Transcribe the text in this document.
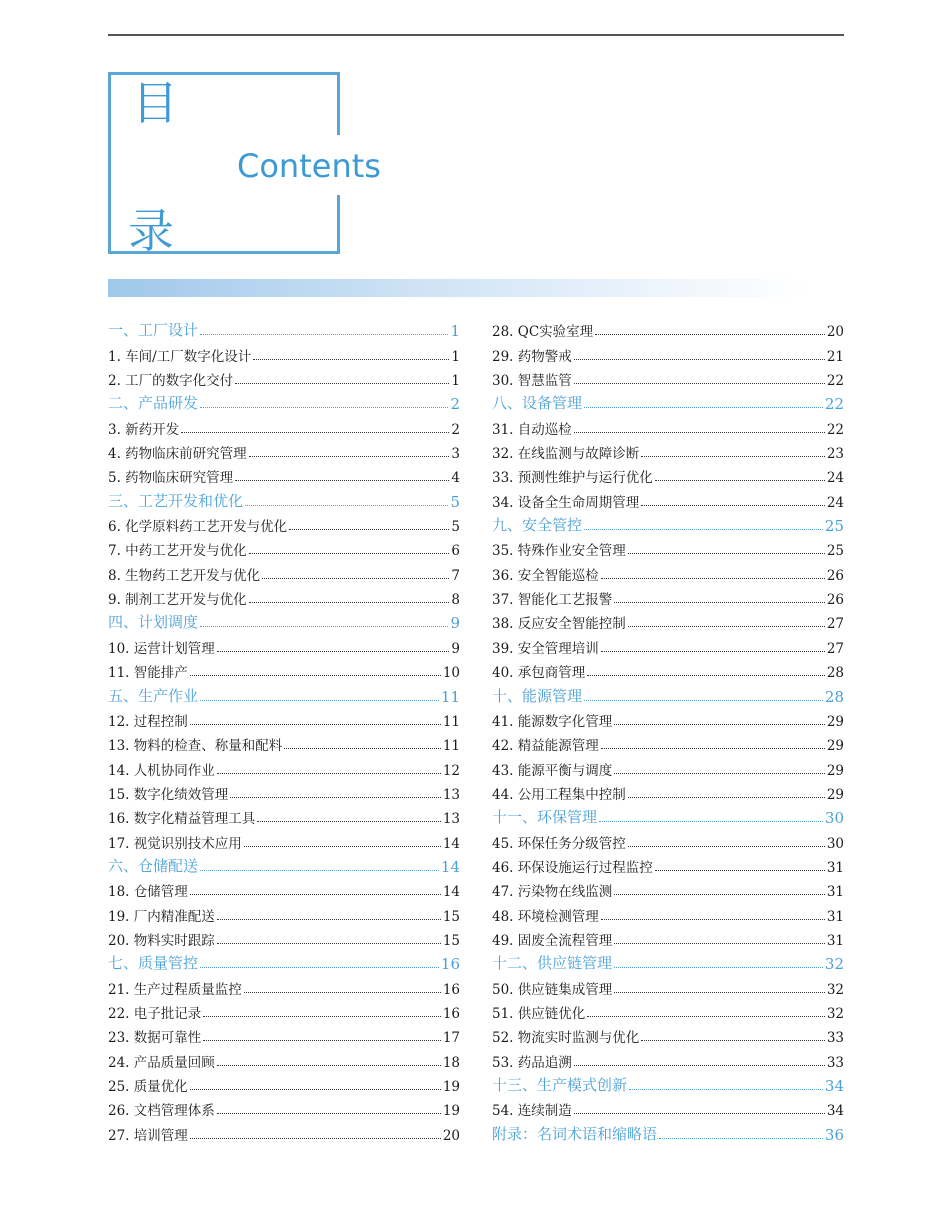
目
Contents
录
一、工厂设计	1
1. 车间/工厂数字化设计	1
2. 工厂的数字化交付	1
二、产品研发	2
3. 新药开发	2
4. 药物临床前研究管理	3
5. 药物临床研究管理	4
三、工艺开发和优化	5
6. 化学原料药工艺开发与优化	5
7. 中药工艺开发与优化	6
8. 生物药工艺开发与优化	7
9. 制剂工艺开发与优化	8
四、计划调度	9
10. 运营计划管理	9
11. 智能排产	10
五、生产作业	11
12. 过程控制	11
13. 物料的检查、称量和配料	11
14. 人机协同作业	12
15. 数字化绩效管理	13
16. 数字化精益管理工具	13
17. 视觉识别技术应用	14
六、仓储配送	14
18. 仓储管理	14
19. 厂内精准配送	15
20. 物料实时跟踪	15
七、质量管控	16
21. 生产过程质量监控	16
22. 电子批记录	16
23. 数据可靠性	17
24. 产品质量回顾	18
25. 质量优化	19
26. 文档管理体系	19
27. 培训管理	20
28. QC实验室理	20
29. 药物警戒	21
30. 智慧监管	22
八、设备管理	22
31. 自动巡检	22
32. 在线监测与故障诊断	23
33. 预测性维护与运行优化	24
34. 设备全生命周期管理	24
九、安全管控	25
35. 特殊作业安全管理	25
36. 安全智能巡检	26
37. 智能化工艺报警	26
38. 反应安全智能控制	27
39. 安全管理培训	27
40. 承包商管理	28
十、能源管理	28
41. 能源数字化管理	29
42. 精益能源管理	29
43. 能源平衡与调度	29
44. 公用工程集中控制	29
十一、环保管理	30
45. 环保任务分级管控	30
46. 环保设施运行过程监控	31
47. 污染物在线监测	31
48. 环境检测管理	31
49. 固废全流程管理	31
十二、供应链管理	32
50. 供应链集成管理	32
51. 供应链优化	32
52. 物流实时监测与优化	33
53. 药品追溯	33
十三、生产模式创新	34
54. 连续制造	34
附录：名词术语和缩略语	36
